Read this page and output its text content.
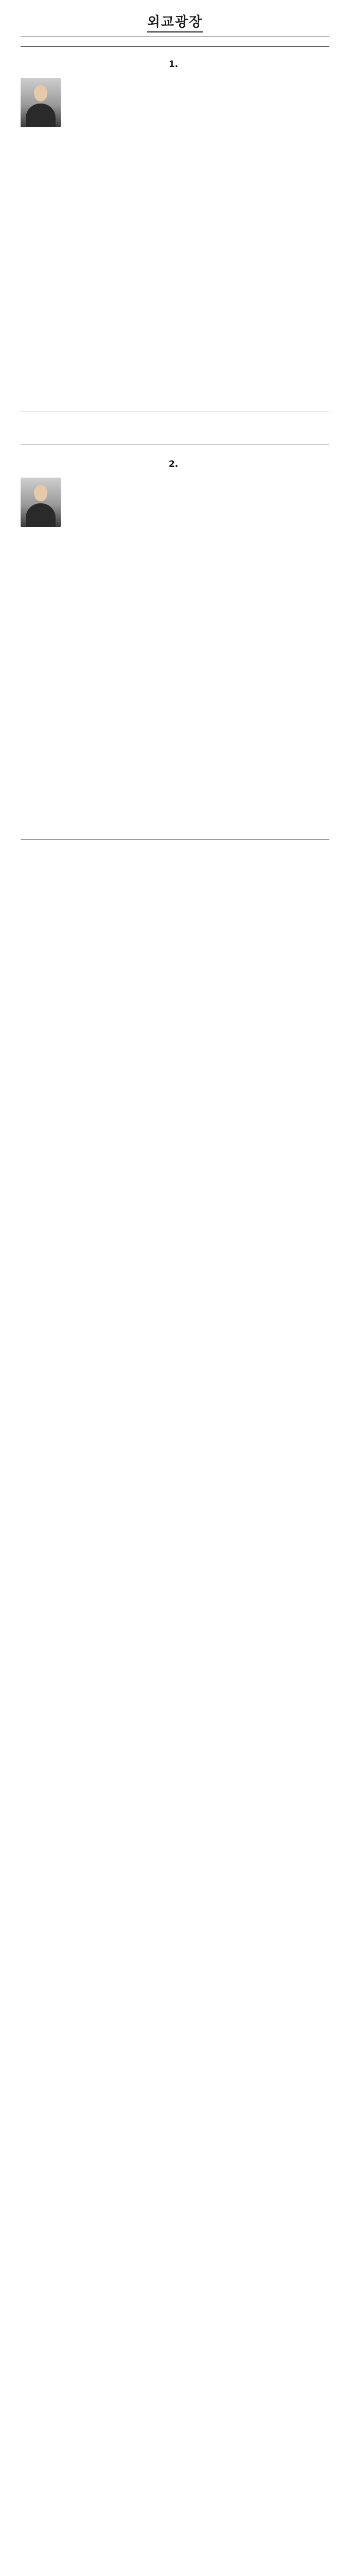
외교광장
1.

2.
